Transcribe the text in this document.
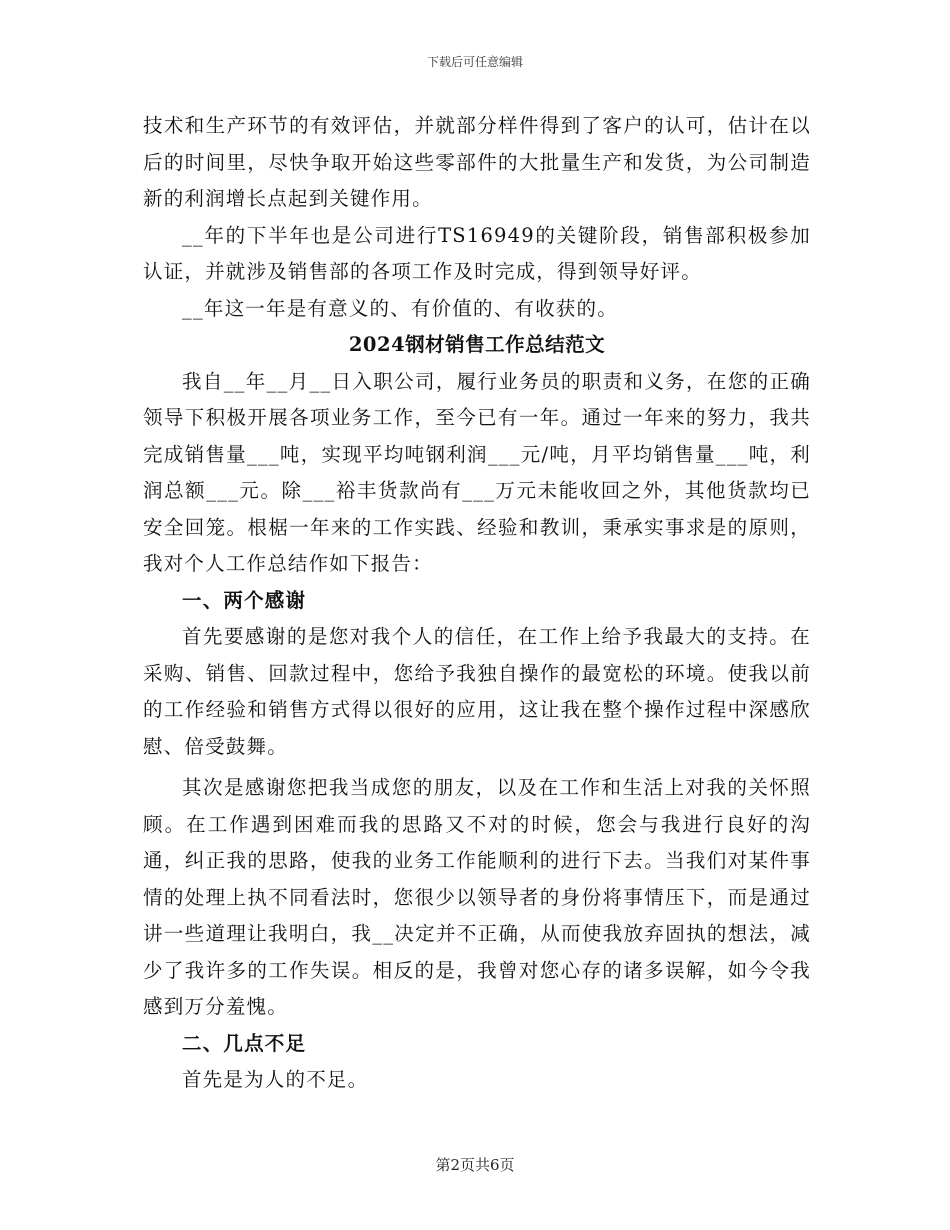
下载后可任意编辑

技术和生产环节的有效评估，并就部分样件得到了客户的认可，估计在以后的时间里，尽快争取开始这些零部件的大批量生产和发货，为公司制造新的利润增长点起到关键作用。

__年的下半年也是公司进行TS16949的关键阶段，销售部积极参加认证，并就涉及销售部的各项工作及时完成，得到领导好评。

__年这一年是有意义的、有价值的、有收获的。

2024钢材销售工作总结范文

我自__年__月__日入职公司，履行业务员的职责和义务，在您的正确领导下积极开展各项业务工作，至今已有一年。通过一年来的努力，我共完成销售量___吨，实现平均吨钢利润___元/吨，月平均销售量___吨，利润总额___元。除___裕丰货款尚有___万元未能收回之外，其他货款均已安全回笼。根椐一年来的工作实践、经验和教训，秉承实事求是的原则，我对个人工作总结作如下报告：

一、两个感谢

首先要感谢的是您对我个人的信任，在工作上给予我最大的支持。在采购、销售、回款过程中，您给予我独自操作的最宽松的环境。使我以前的工作经验和销售方式得以很好的应用，这让我在整个操作过程中深感欣慰、倍受鼓舞。

其次是感谢您把我当成您的朋友，以及在工作和生活上对我的关怀照顾。在工作遇到困难而我的思路又不对的时候，您会与我进行良好的沟通，纠正我的思路，使我的业务工作能顺利的进行下去。当我们对某件事情的处理上执不同看法时，您很少以领导者的身份将事情压下，而是通过讲一些道理让我明白，我__决定并不正确，从而使我放弃固执的想法，减少了我许多的工作失误。相反的是，我曾对您心存的诸多误解，如今令我感到万分羞愧。

二、几点不足

首先是为人的不足。

第2页共6页
